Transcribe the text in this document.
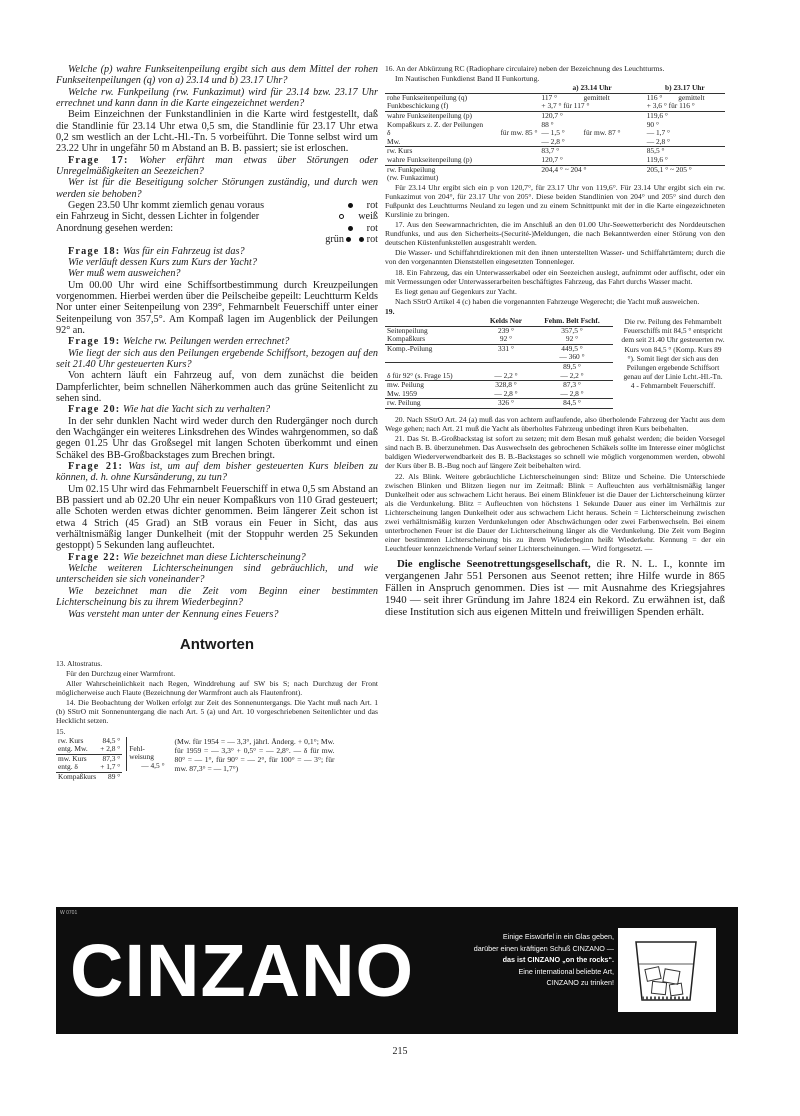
Welche (p) wahre Funkseitenpeilung ergibt sich aus dem Mittel der rohen Funkseitenpeilungen (q) von a) 23.14 und b) 23.17 Uhr?

Welche rw. Funkpeilung (rw. Funkazimut) wird für 23.14 bzw. 23.17 Uhr errechnet und kann dann in die Karte eingezeichnet werden?

Beim Einzeichnen der Funkstandlinien in die Karte wird festgestellt, daß die Standlinie für 23.14 Uhr etwa 0,5 sm, die Standlinie für 23.17 Uhr etwa 0,2 sm westlich an der Lcht.-Hl.-Tn. 5 vorbeiführt. Die Tonne selbst wird um 23.22 Uhr in ungefähr 50 m Abstand an B. B. passiert; sie ist erloschen.

Frage 17: Woher erfährt man etwas über Störungen oder Unregelmäßigkeiten an Seezeichen?

Wer ist für die Beseitigung solcher Störungen zuständig, und durch wen werden sie behoben?

Gegen 23.50 Uhr kommt ziemlich genau voraus	rot
ein Fahrzeug in Sicht, dessen Lichter in folgender	weiß
Anordnung gesehen werden:	rot
grün rot

Frage 18: Was für ein Fahrzeug ist das?

Wie verläuft dessen Kurs zum Kurs der Yacht?

Wer muß wem ausweichen?

Um 00.00 Uhr wird eine Schiffsortbestimmung durch Kreuzpeilungen vorgenommen. Hierbei werden über die Peilscheibe gepeilt: Leuchtturm Kelds Nor unter einer Seitenpeilung von 239°, Fehmarnbelt Feuerschiff unter einer Seitenpeilung von 357,5°. Am Kompaß lagen im Augenblick der Peilungen 92° an.

Frage 19: Welche rw. Peilungen werden errechnet?

Wie liegt der sich aus den Peilungen ergebende Schiffsort, bezogen auf den seit 21.40 Uhr gesteuerten Kurs?

Von achtern läuft ein Fahrzeug auf, von dem zunächst die beiden Dampferlichter, beim schnellen Näherkommen auch das grüne Seitenlicht zu sehen sind.

Frage 20: Wie hat die Yacht sich zu verhalten?

In der sehr dunklen Nacht wird weder durch den Rudergänger noch durch den Wachgänger ein weiteres Linksdrehen des Windes wahrgenommen, so daß gegen 01.25 Uhr das Großsegel mit langen Schoten überkommt und einen Schäkel des BB-Großbackstages zum Brechen bringt.

Frage 21: Was ist, um auf dem bisher gesteuerten Kurs bleiben zu können, d. h. ohne Kursänderung, zu tun?

Um 02.15 Uhr wird das Fehmarnbelt Feuerschiff in etwa 0,5 sm Abstand an BB passiert und ab 02.20 Uhr ein neuer Kompaßkurs von 110 Grad gesteuert; alle Schoten werden etwas dichter genommen. Beim längerer Zeit schon ist etwa 4 Strich (45 Grad) an StB voraus ein Feuer in Sicht, das aus verhältnismäßig langer Dunkelheit (mit der Stoppuhr werden 25 Sekunden gestoppt) 5 Sekunden lang aufleuchtet.

Frage 22: Wie bezeichnet man diese Lichterscheinung?

Welche weiteren Lichterscheinungen sind gebräuchlich, und wie unterscheiden sie sich voneinander?

Wie bezeichnet man die Zeit vom Beginn einer bestimmten Lichterscheinung bis zu ihrem Wiederbeginn?

Was versteht man unter der Kennung eines Feuers?

Antworten

13. Altostratus.

Für den Durchzug einer Warmfront.

Aller Wahrscheinlichkeit nach Regen, Winddrehung auf SW bis S; nach Durchzug der Front möglicherweise auch Flaute (Bezeichnung der Warmfront auch als Flautenfront).

14. Die Beobachtung der Wolken erfolgt zur Zeit des Sonnenuntergangs. Die Yacht muß nach Art. 1 (b) SStrO mit Sonnenuntergang die nach Art. 5 (a) und Art. 10 vorgeschriebenen Seitenlichter und das Hecklicht setzen.

15.

rw. Kurs	84,5 °
entg. Mw.	+ 2,8 °
mw. Kurs	87,3 °
entg. δ	+ 1,7 °
Kompaßkurs	89 °
Fehl-
weisung
— 4,5 °

(Mw. für 1954 = — 3,3°, jährl. Änderg. + 0,1°; Mw. für 1959 = — 3,3° + 0,5° = — 2,8°. — δ für mw. 80° = — 1°, für 90° = — 2°, für 100° = — 3°; für mw. 87,3° = — 1,7°)

16. An der Abkürzung RC (Radiophare circulaire) neben der Bezeichnung des Leuchtturms.

Im Nautischen Funkdienst Band II Funkortung.

	a) 23.14 Uhr		b) 23.17 Uhr	
rohe Funkseitenpeilung (q)	117 °	gemittelt	116 °	gemittelt
Funkbeschickung (f)	+ 3,7 ° für 117 °		+ 3,6 ° für 116 °	
wahre Funkseitenpeilung (p)	120,7 °		119,6 °	
Kompaßkurs z. Z. der Peilungen	88 °		90 °	
δ für mw. 85 °	— 1,5 °	für mw. 87 °	— 1,7 °	
Mw.	— 2,8 °		— 2,8 °	
rw. Kurs	83,7 °		85,5 °	
wahre Funkseitenpeilung (p)	120,7 °		119,6 °	

rw. Funkpeilung
(rw. Funkazimut)	204,4 ° ~ 204 °		205,1 ° ~ 205 °	

Für 23.14 Uhr ergibt sich ein p von 120,7°, für 23.17 Uhr von 119,6°. Für 23.14 Uhr ergibt sich ein rw. Funkazimut von 204°, für 23.17 Uhr von 205°. Diese beiden Standlinien von 204° und 205° sind durch den Fußpunkt des Leuchtturms Neuland zu legen und zu einem Schnittpunkt mit der in die Karte eingezeichneten Kurslinie zu bringen.

17. Aus den Seewarnnachrichten, die im Anschluß an den 01.00 Uhr-Seewetterbericht des Norddeutschen Rundfunks, und aus den Sicherheits-(Securité-)Meldungen, die nach Bekanntwerden einer Störung von den deutschen Küstenfunkstellen ausgestrahlt werden.

Die Wasser- und Schiffahrtdirektionen mit den ihnen unterstellten Wasser- und Schiffahrtämtern; durch die von den vorgenannten Dienststellen eingesetzten Tonnenleger.

18. Ein Fahrzeug, das ein Unterwasserkabel oder ein Seezeichen auslegt, aufnimmt oder auffischt, oder ein mit Vermessungen oder Unterwasserarbeiten beschäftigtes Fahrzeug, das Fahrt durchs Wasser macht.

Es liegt genau auf Gegenkurs zur Yacht.

Nach SStrO Artikel 4 (c) haben die vorgenannten Fahrzeuge Wegerecht; die Yacht muß ausweichen.

19.

	Kelds Nor	Fehm. Belt Fschf.
Seitenpeilung	239 °	357,5 °
Kompaßkurs	92 °	92 °
Komp.-Peilung	331 °	449,5 °
		— 360 °
		89,5 °
δ für 92° (s. Frage 15)	— 2,2 °	— 2,2 °
mw. Peilung	328,8 °	87,3 °
Mw. 1959	— 2,8 °	— 2,8 °
rw. Peilung	326 °	84,5 °

Die rw. Peilung des Fehmarnbelt Feuerschiffs mit 84,5 ° entspricht dem seit 21.40 Uhr gesteuerten rw. Kurs von 84,5 ° (Komp. Kurs 89 °). Somit liegt der sich aus den Peilungen ergebende Schiffsort genau auf der Linie Lcht.-Hl.-Tn. 4 - Fehmarnbelt Feuerschiff.

20. Nach SStrO Art. 24 (a) muß das von achtern auflaufende, also überholende Fahrzeug der Yacht aus dem Wege gehen; nach Art. 21 muß die Yacht als überholtes Fahrzeug unbedingt ihren Kurs beibehalten.

21. Das St. B.-Großbackstag ist sofort zu setzen; mit dem Besan muß gehalst werden; die beiden Vorsegel sind nach B. B. überzunehmen. Das Auswechseln des gebrochenen Schäkels sollte im Interesse einer möglichst baldigen Wiederverwendbarkeit des B. B.-Backstages so schnell wie möglich vorgenommen werden, obwohl der Kurs über B. B.-Bug noch auf längere Zeit beibehalten wird.

22. Als Blink. Weitere gebräuchliche Lichterscheinungen sind: Blitze und Scheine. Die Unterschiede zwischen Blinken und Blitzen liegen nur im Zeitmaß: Blink = Aufleuchten aus verhältnismäßig langer Dunkelheit oder aus schwachem Licht heraus. Bei einem Blinkfeuer ist die Dauer der Lichterscheinung kürzer als die Verdunkelung. Blitz = Aufleuchten von höchstens 1 Sekunde Dauer aus einer im Verhältnis zur Lichterscheinung langen Dunkelheit oder aus schwachem Licht heraus. Schein = Lichterscheinung zwischen zwei verhältnismäßig kurzen Verdunkelungen oder Abschwächungen oder zwei Farbenwechseln. Bei einem unterbrochenen Feuer ist die Dauer der Lichterscheinung länger als die Verdunkelung. Die Zeit vom Beginn einer bestimmten Lichterscheinung bis zu ihrem Wiederbeginn heißt Wiederkehr. Kennung = der ein Leuchtfeuer kennzeichnende Verlauf seiner Lichterscheinungen. — Wird fortgesetzt. —

Die englische Seenotrettungsgesellschaft, die R. N. L. I., konnte im vergangenen Jahr 551 Personen aus Seenot retten; ihre Hilfe wurde in 865 Fällen in Anspruch genommen. Dies ist — mit Ausnahme des Kriegsjahres 1940 — seit ihrer Gründung im Jahre 1824 ein Rekord. Zu erwähnen ist, daß diese Institution sich aus eigenen Mitteln und freiwilligen Spenden erhält.

W 0701
CINZANO	Einige Eiswürfel in ein Glas geben,
darüber einen kräftigen Schuß CINZANO —
das ist CINZANO „on the rocks“.
Eine international beliebte Art,
CINZANO zu trinken!
215
